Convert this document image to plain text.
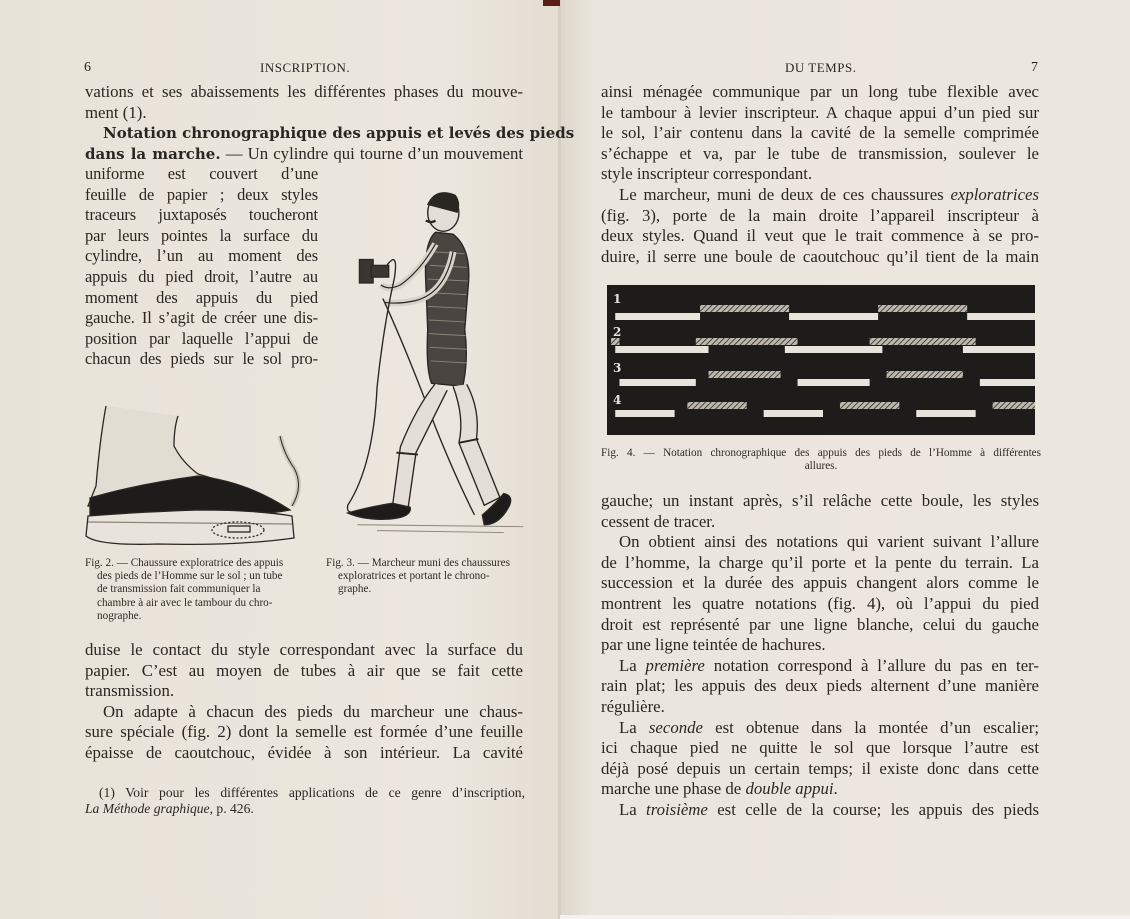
6	INSCRIPTION.
vations et ses abaissements les différentes phases du mouve-
ment (1).
Notation chronographique des appuis et levés des pieds
dans la marche. — Un cylindre qui tourne d’un mouvement
uniforme est couvert d’une
feuille de papier ; deux styles
traceurs juxtaposés toucheront
par leurs pointes la surface du
cylindre, l’un au moment des
appuis du pied droit, l’autre au
moment des appuis du pied
gauche. Il s’agit de créer une dis-
position par laquelle l’appui de
chacun des pieds sur le sol pro-
Fig. 2. — Chaussure exploratrice des appuis
des pieds de l’Homme sur le sol ; un tube
de transmission fait communiquer la
chambre à air avec le tambour du chro-
nographe.
Fig. 3. — Marcheur muni des chaussures
exploratrices et portant le chrono-
graphe.
duise le contact du style correspondant avec la surface du
papier. C’est au moyen de tubes à air que se fait cette
transmission.
On adapte à chacun des pieds du marcheur une chaus-
sure spéciale (fig. 2) dont la semelle est formée d’une feuille
épaisse de caoutchouc, évidée à son intérieur. La cavité
(1) Voir pour les différentes applications de ce genre d’inscription,
La Méthode graphique, p. 426.
DU TEMPS.	7
ainsi ménagée communique par un long tube flexible avec
le tambour à levier inscripteur. A chaque appui d’un pied sur
le sol, l’air contenu dans la cavité de la semelle comprimée
s’échappe et va, par le tube de transmission, soulever le
style inscripteur correspondant.
Le marcheur, muni de deux de ces chaussures exploratrices
(fig. 3), porte de la main droite l’appareil inscripteur à
deux styles. Quand il veut que le trait commence à se pro-
duire, il serre une boule de caoutchouc qu’il tient de la main
1
2
3
4
Fig. 4. — Notation chronographique des appuis des pieds de l’Homme à différentes
allures.
gauche; un instant après, s’il relâche cette boule, les styles
cessent de tracer.
On obtient ainsi des notations qui varient suivant l’allure
de l’homme, la charge qu’il porte et la pente du terrain. La
succession et la durée des appuis changent alors comme le
montrent les quatre notations (fig. 4), où l’appui du pied
droit est représenté par une ligne blanche, celui du gauche
par une ligne teintée de hachures.
La première notation correspond à l’allure du pas en ter-
rain plat; les appuis des deux pieds alternent d’une manière
régulière.
La seconde est obtenue dans la montée d’un escalier;
ici chaque pied ne quitte le sol que lorsque l’autre est
déjà posé depuis un certain temps; il existe donc dans cette
marche une phase de double appui.
La troisième est celle de la course; les appuis des pieds
